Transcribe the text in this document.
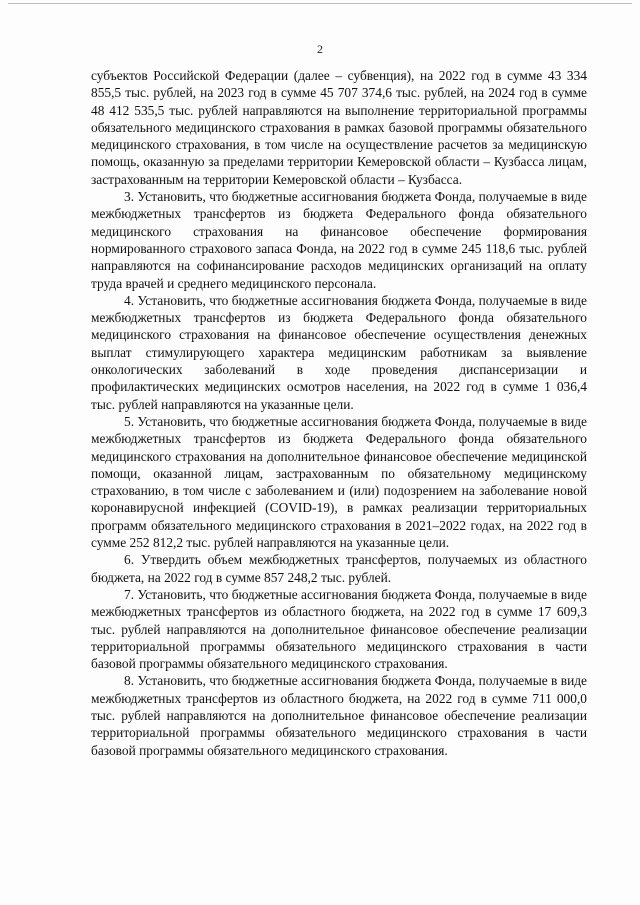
2

субъектов Российской Федерации (далее – субвенция), на 2022 год в сумме 43 334 855,5 тыс. рублей, на 2023 год в сумме 45 707 374,6 тыс. рублей, на 2024 год в сумме 48 412 535,5 тыс. рублей направляются на выполнение территориальной программы обязательного медицинского страхования в рамках базовой программы обязательного медицинского страхования, в том числе на осуществление расчетов за медицинскую помощь, оказанную за пределами территории Кемеровской области – Кузбасса лицам, застрахованным на территории Кемеровской области – Кузбасса.

3. Установить, что бюджетные ассигнования бюджета Фонда, получаемые в виде межбюджетных трансфертов из бюджета Федерального фонда обязательного медицинского страхования на финансовое обеспечение формирования нормированного страхового запаса Фонда, на 2022 год в сумме 245 118,6 тыс. рублей направляются на софинансирование расходов медицинских организаций на оплату труда врачей и среднего медицинского персонала.

4. Установить, что бюджетные ассигнования бюджета Фонда, получаемые в виде межбюджетных трансфертов из бюджета Федерального фонда обязательного медицинского страхования на финансовое обеспечение осуществления денежных выплат стимулирующего характера медицинским работникам за выявление онкологических заболеваний в ходе проведения диспансеризации и профилактических медицинских осмотров населения, на 2022 год в сумме 1 036,4 тыс. рублей направляются на указанные цели.

5. Установить, что бюджетные ассигнования бюджета Фонда, получаемые в виде межбюджетных трансфертов из бюджета Федерального фонда обязательного медицинского страхования на дополнительное финансовое обеспечение медицинской помощи, оказанной лицам, застрахованным по обязательному медицинскому страхованию, в том числе с заболеванием и (или) подозрением на заболевание новой коронавирусной инфекцией (COVID-19), в рамках реализации территориальных программ обязательного медицинского страхования в 2021–2022 годах, на 2022 год в сумме 252 812,2 тыс. рублей направляются на указанные цели.

6. Утвердить объем межбюджетных трансфертов, получаемых из областного бюджета, на 2022 год в сумме 857 248,2 тыс. рублей.

7. Установить, что бюджетные ассигнования бюджета Фонда, получаемые в виде межбюджетных трансфертов из областного бюджета, на 2022 год в сумме 17 609,3 тыс. рублей направляются на дополнительное финансовое обеспечение реализации территориальной программы обязательного медицинского страхования в части базовой программы обязательного медицинского страхования.

8. Установить, что бюджетные ассигнования бюджета Фонда, получаемые в виде межбюджетных трансфертов из областного бюджета, на 2022 год в сумме 711 000,0 тыс. рублей направляются на дополнительное финансовое обеспечение реализации территориальной программы обязательного медицинского страхования в части базовой программы обязательного медицинского страхования.
